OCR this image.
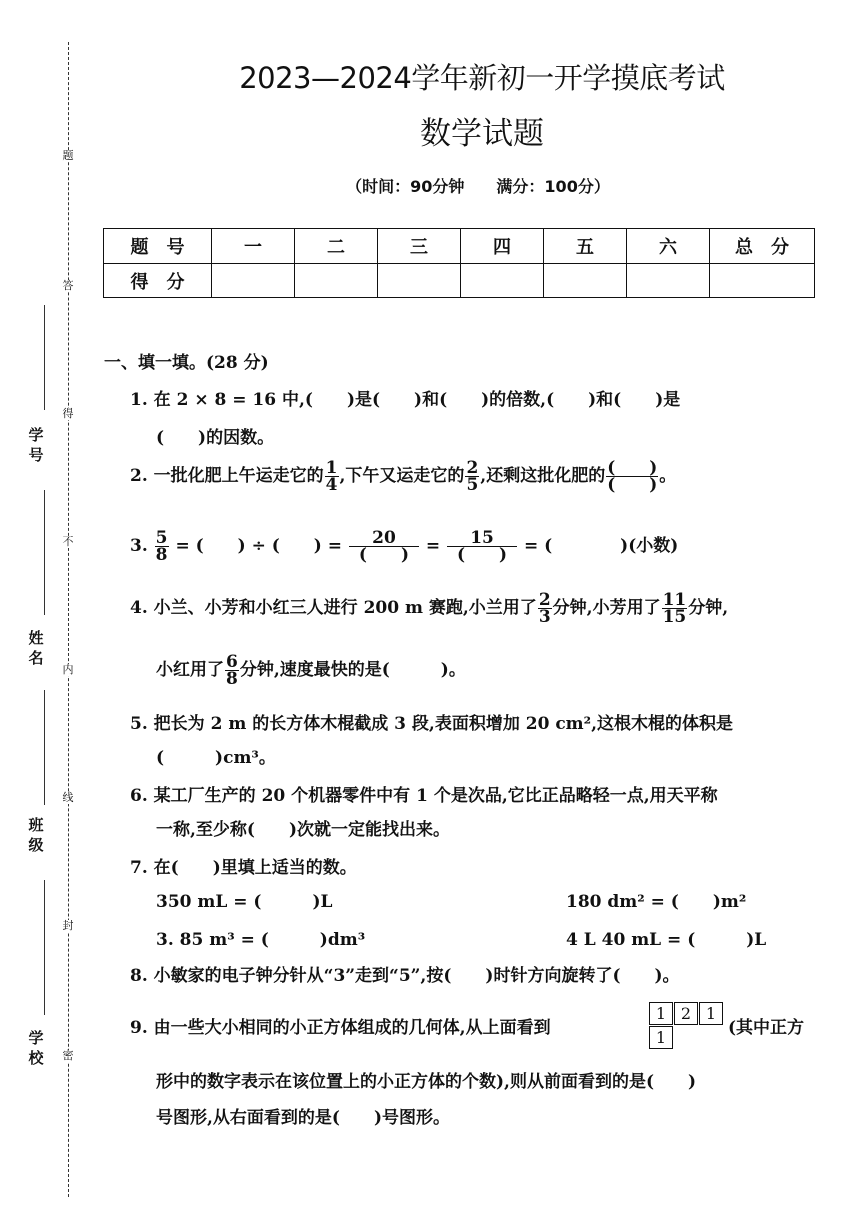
题
答
得
不
内
线
封
密
学号
姓名
班级
学校
2023—2024学年新初一开学摸底考试
数学试题
（时间：90分钟　　满分：100分）
题　号	一	二	三	四	五	六	总　分
得　分							
一、填一填。(28 分)
1. 在 2 × 8 = 16 中,(　　)是(　　)和(　　)的倍数,(　　)和(　　)是
(　　)的因数。
2. 一批化肥上午运走它的 $\frac{1}{4}$ ,下午又运走它的 $\frac{2}{5}$ ,还剩这批化肥的 $\frac{( )}{( )}$ 。
3. $\frac{5}{8}$ = (　　) ÷ (　　) = $\frac{20}{( )} = \frac{15}{( )}$ = (　　　　)(小数)
4. 小兰、小芳和小红三人进行 200 m 赛跑,小兰用了 $\frac{2}{3}$ 分钟,小芳用了 $\frac{11}{15}$ 分钟,
小红用了 $\frac{6}{8}$ 分钟,速度最快的是(　　　)。
5. 把长为 2 m 的长方体木棍截成 3 段,表面积增加 20 cm²,这根木棍的体积是
(　　　)cm³。
6. 某工厂生产的 20 个机器零件中有 1 个是次品,它比正品略轻一点,用天平称
一称,至少称(　　)次就一定能找出来。
7. 在(　　)里填上适当的数。
350 mL = (　　　)L	180 dm² = (　　)m²
3. 85 m³ = (　　　)dm³	4 L 40 mL = (　　　)L
8. 小敏家的电子钟分针从“3”走到“5”,按(　　)时针方向旋转了(　　)。
9. 由一些大小相同的小正方体组成的几何体,从上面看到
1 2 1
1	(其中正方
形中的数字表示在该位置上的小正方体的个数),则从前面看到的是(　　)
号图形,从右面看到的是(　　)号图形。
